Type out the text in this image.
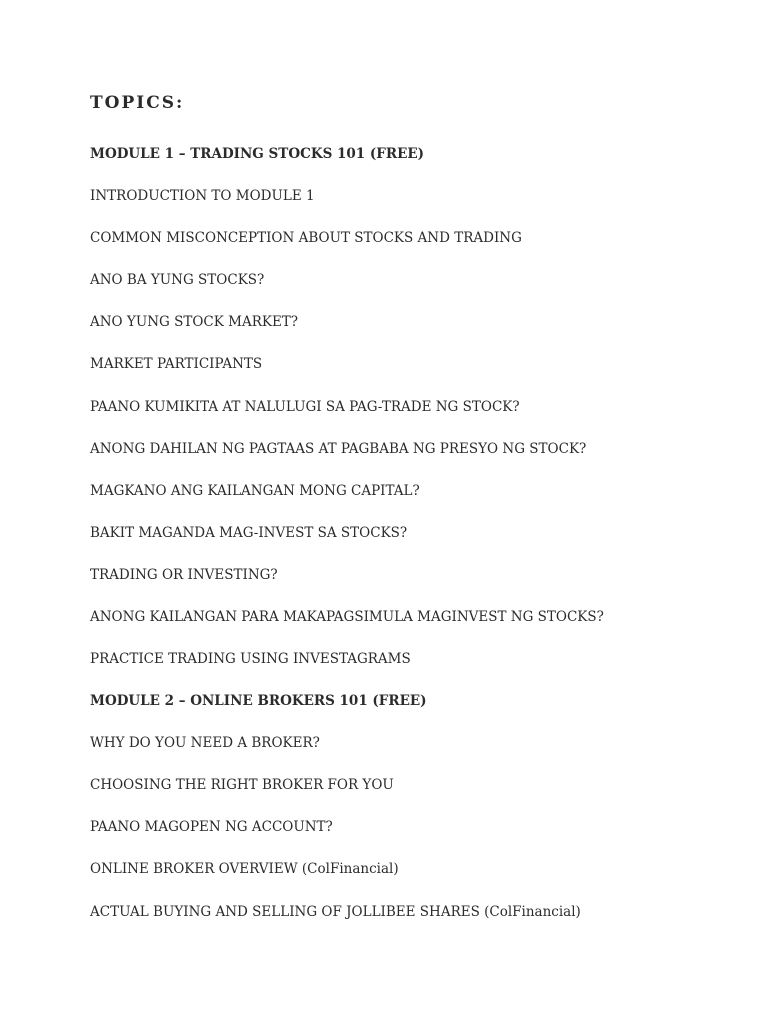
TOPICS:

MODULE 1 – TRADING STOCKS 101 (FREE)

INTRODUCTION TO MODULE 1

COMMON MISCONCEPTION ABOUT STOCKS AND TRADING

ANO BA YUNG STOCKS?

ANO YUNG STOCK MARKET?

MARKET PARTICIPANTS

PAANO KUMIKITA AT NALULUGI SA PAG-TRADE NG STOCK?

ANONG DAHILAN NG PAGTAAS AT PAGBABA NG PRESYO NG STOCK?

MAGKANO ANG KAILANGAN MONG CAPITAL?

BAKIT MAGANDA MAG-INVEST SA STOCKS?

TRADING OR INVESTING?

ANONG KAILANGAN PARA MAKAPAGSIMULA MAGINVEST NG STOCKS?

PRACTICE TRADING USING INVESTAGRAMS

MODULE 2 – ONLINE BROKERS 101 (FREE)

WHY DO YOU NEED A BROKER?

CHOOSING THE RIGHT BROKER FOR YOU

PAANO MAGOPEN NG ACCOUNT?

ONLINE BROKER OVERVIEW (ColFinancial)

ACTUAL BUYING AND SELLING OF JOLLIBEE SHARES (ColFinancial)
